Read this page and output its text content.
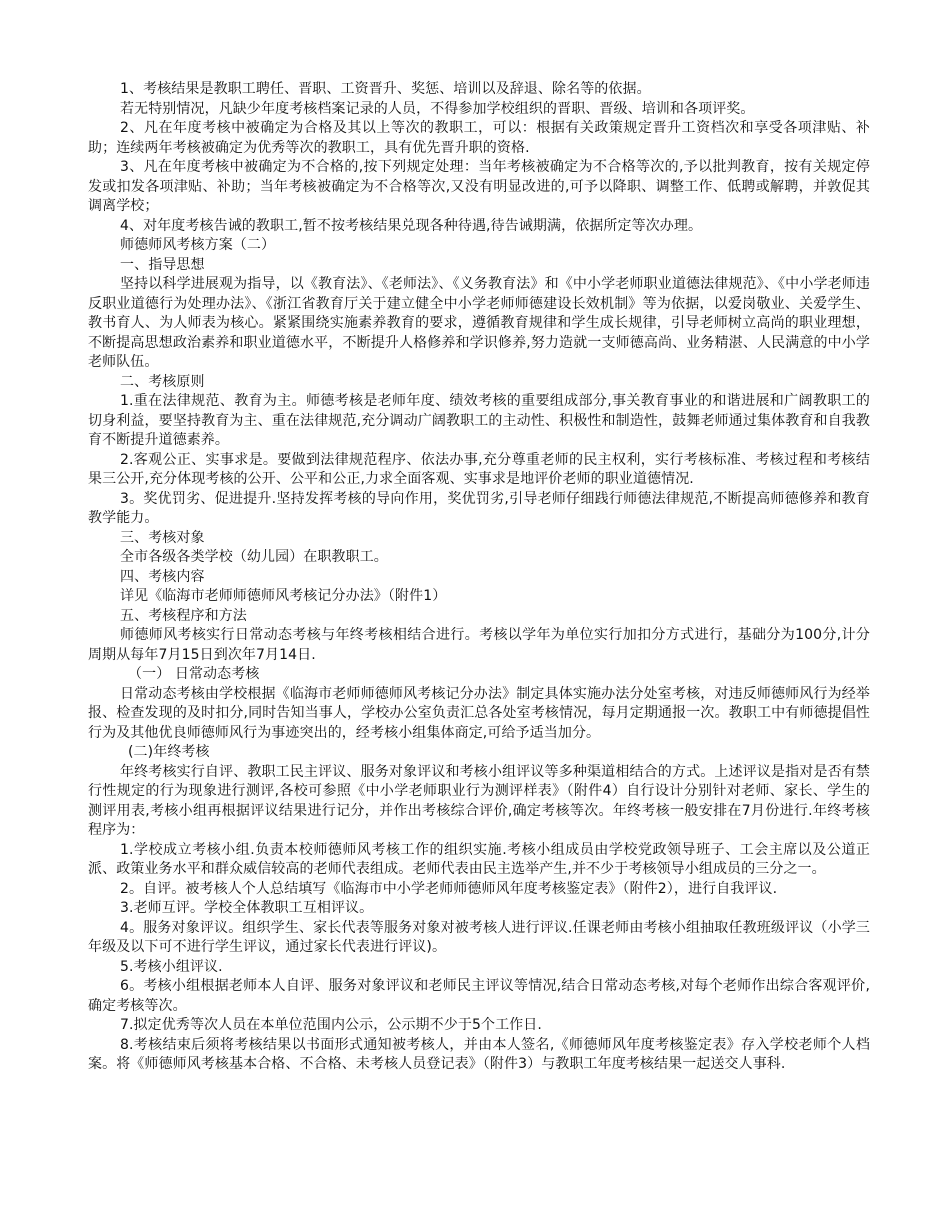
1、考核结果是教职工聘任、晋职、工资晋升、奖惩、培训以及辞退、除名等的依据。

若无特别情况，凡缺少年度考核档案记录的人员，不得参加学校组织的晋职、晋级、培训和各项评奖。

2、凡在年度考核中被确定为合格及其以上等次的教职工，可以：根据有关政策规定晋升工资档次和享受各项津贴、补助；连续两年考核被确定为优秀等次的教职工，具有优先晋升职的资格.

3、凡在年度考核中被确定为不合格的,按下列规定处理：当年考核被确定为不合格等次的,予以批判教育，按有关规定停发或扣发各项津贴、补助；当年考核被确定为不合格等次,又没有明显改进的,可予以降职、调整工作、低聘或解聘，并敦促其调离学校；

4、对年度考核告诫的教职工,暂不按考核结果兑现各种待遇,待告诫期满，依据所定等次办理。

师德师风考核方案（二）

一、指导思想

坚持以科学进展观为指导，以《教育法》、《老师法》、《义务教育法》和《中小学老师职业道德法律规范》、《中小学老师违反职业道德行为处理办法》、《浙江省教育厅关于建立健全中小学老师师德建设长效机制》等为依据，以爱岗敬业、关爱学生、教书育人、为人师表为核心。紧紧围绕实施素养教育的要求，遵循教育规律和学生成长规律，引导老师树立高尚的职业理想，不断提高思想政治素养和职业道德水平，不断提升人格修养和学识修养,努力造就一支师德高尚、业务精湛、人民满意的中小学老师队伍。

二、考核原则

1.重在法律规范、教育为主。师德考核是老师年度、绩效考核的重要组成部分,事关教育事业的和谐进展和广阔教职工的切身利益，要坚持教育为主、重在法律规范,充分调动广阔教职工的主动性、积极性和制造性，鼓舞老师通过集体教育和自我教育不断提升道德素养。

2.客观公正、实事求是。要做到法律规范程序、依法办事,充分尊重老师的民主权利，实行考核标准、考核过程和考核结果三公开,充分体现考核的公开、公平和公正,力求全面客观、实事求是地评价老师的职业道德情况.

3。奖优罚劣、促进提升.坚持发挥考核的导向作用，奖优罚劣,引导老师仔细践行师德法律规范,不断提高师德修养和教育教学能力。

三、考核对象

全市各级各类学校（幼儿园）在职教职工。

四、考核内容

详见《临海市老师师德师风考核记分办法》（附件1）

五、考核程序和方法

师德师风考核实行日常动态考核与年终考核相结合进行。考核以学年为单位实行加扣分方式进行，基础分为100分,计分周期从每年7月15日到次年7月14日.

（一） 日常动态考核

日常动态考核由学校根据《临海市老师师德师风考核记分办法》制定具体实施办法分处室考核，对违反师德师风行为经举报、检查发现的及时扣分,同时告知当事人，学校办公室负责汇总各处室考核情况，每月定期通报一次。教职工中有师德提倡性行为及其他优良师德师风行为事迹突出的，经考核小组集体商定,可给予适当加分。

(二)年终考核

年终考核实行自评、教职工民主评议、服务对象评议和考核小组评议等多种渠道相结合的方式。上述评议是指对是否有禁行性规定的行为现象进行测评,各校可参照《中小学老师职业行为测评样表》（附件4）自行设计分别针对老师、家长、学生的测评用表,考核小组再根据评议结果进行记分，并作出考核综合评价,确定考核等次。年终考核一般安排在7月份进行.年终考核程序为：

1.学校成立考核小组.负责本校师德师风考核工作的组织实施.考核小组成员由学校党政领导班子、工会主席以及公道正派、政策业务水平和群众威信较高的老师代表组成。老师代表由民主选举产生,并不少于考核领导小组成员的三分之一。

2。自评。被考核人个人总结填写《临海市中小学老师师德师风年度考核鉴定表》（附件2），进行自我评议.

3.老师互评。学校全体教职工互相评议。

4。服务对象评议。组织学生、家长代表等服务对象对被考核人进行评议.任课老师由考核小组抽取任教班级评议（小学三年级及以下可不进行学生评议，通过家长代表进行评议)。

5.考核小组评议.

6。考核小组根据老师本人自评、服务对象评议和老师民主评议等情况,结合日常动态考核,对每个老师作出综合客观评价,确定考核等次。

7.拟定优秀等次人员在本单位范围内公示，公示期不少于5个工作日.

8.考核结束后须将考核结果以书面形式通知被考核人，并由本人签名,《师德师风年度考核鉴定表》存入学校老师个人档案。将《师德师风考核基本合格、不合格、未考核人员登记表》（附件3）与教职工年度考核结果一起送交人事科.
